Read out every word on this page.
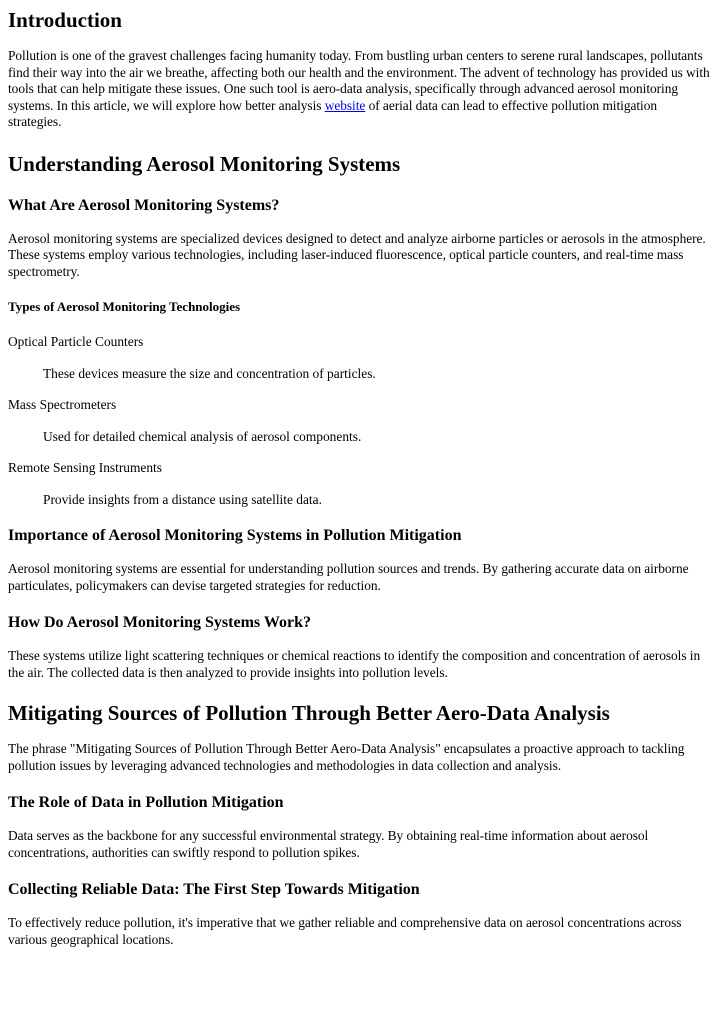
Introduction

Pollution is one of the gravest challenges facing humanity today. From bustling urban centers to serene rural landscapes, pollutants find their way into the air we breathe, affecting both our health and the environment. The advent of technology has provided us with tools that can help mitigate these issues. One such tool is aero-data analysis, specifically through advanced aerosol monitoring systems. In this article, we will explore how better analysis website of aerial data can lead to effective pollution mitigation strategies.

Understanding Aerosol Monitoring Systems
What Are Aerosol Monitoring Systems?

Aerosol monitoring systems are specialized devices designed to detect and analyze airborne particles or aerosols in the atmosphere. These systems employ various technologies, including laser-induced fluorescence, optical particle counters, and real-time mass spectrometry.

Types of Aerosol Monitoring Technologies
Optical Particle Counters
These devices measure the size and concentration of particles.
Mass Spectrometers
Used for detailed chemical analysis of aerosol components.
Remote Sensing Instruments
Provide insights from a distance using satellite data.
Importance of Aerosol Monitoring Systems in Pollution Mitigation

Aerosol monitoring systems are essential for understanding pollution sources and trends. By gathering accurate data on airborne particulates, policymakers can devise targeted strategies for reduction.

How Do Aerosol Monitoring Systems Work?

These systems utilize light scattering techniques or chemical reactions to identify the composition and concentration of aerosols in the air. The collected data is then analyzed to provide insights into pollution levels.

Mitigating Sources of Pollution Through Better Aero-Data Analysis

The phrase "Mitigating Sources of Pollution Through Better Aero-Data Analysis" encapsulates a proactive approach to tackling pollution issues by leveraging advanced technologies and methodologies in data collection and analysis.

The Role of Data in Pollution Mitigation

Data serves as the backbone for any successful environmental strategy. By obtaining real-time information about aerosol concentrations, authorities can swiftly respond to pollution spikes.

Collecting Reliable Data: The First Step Towards Mitigation

To effectively reduce pollution, it's imperative that we gather reliable and comprehensive data on aerosol concentrations across various geographical locations.
